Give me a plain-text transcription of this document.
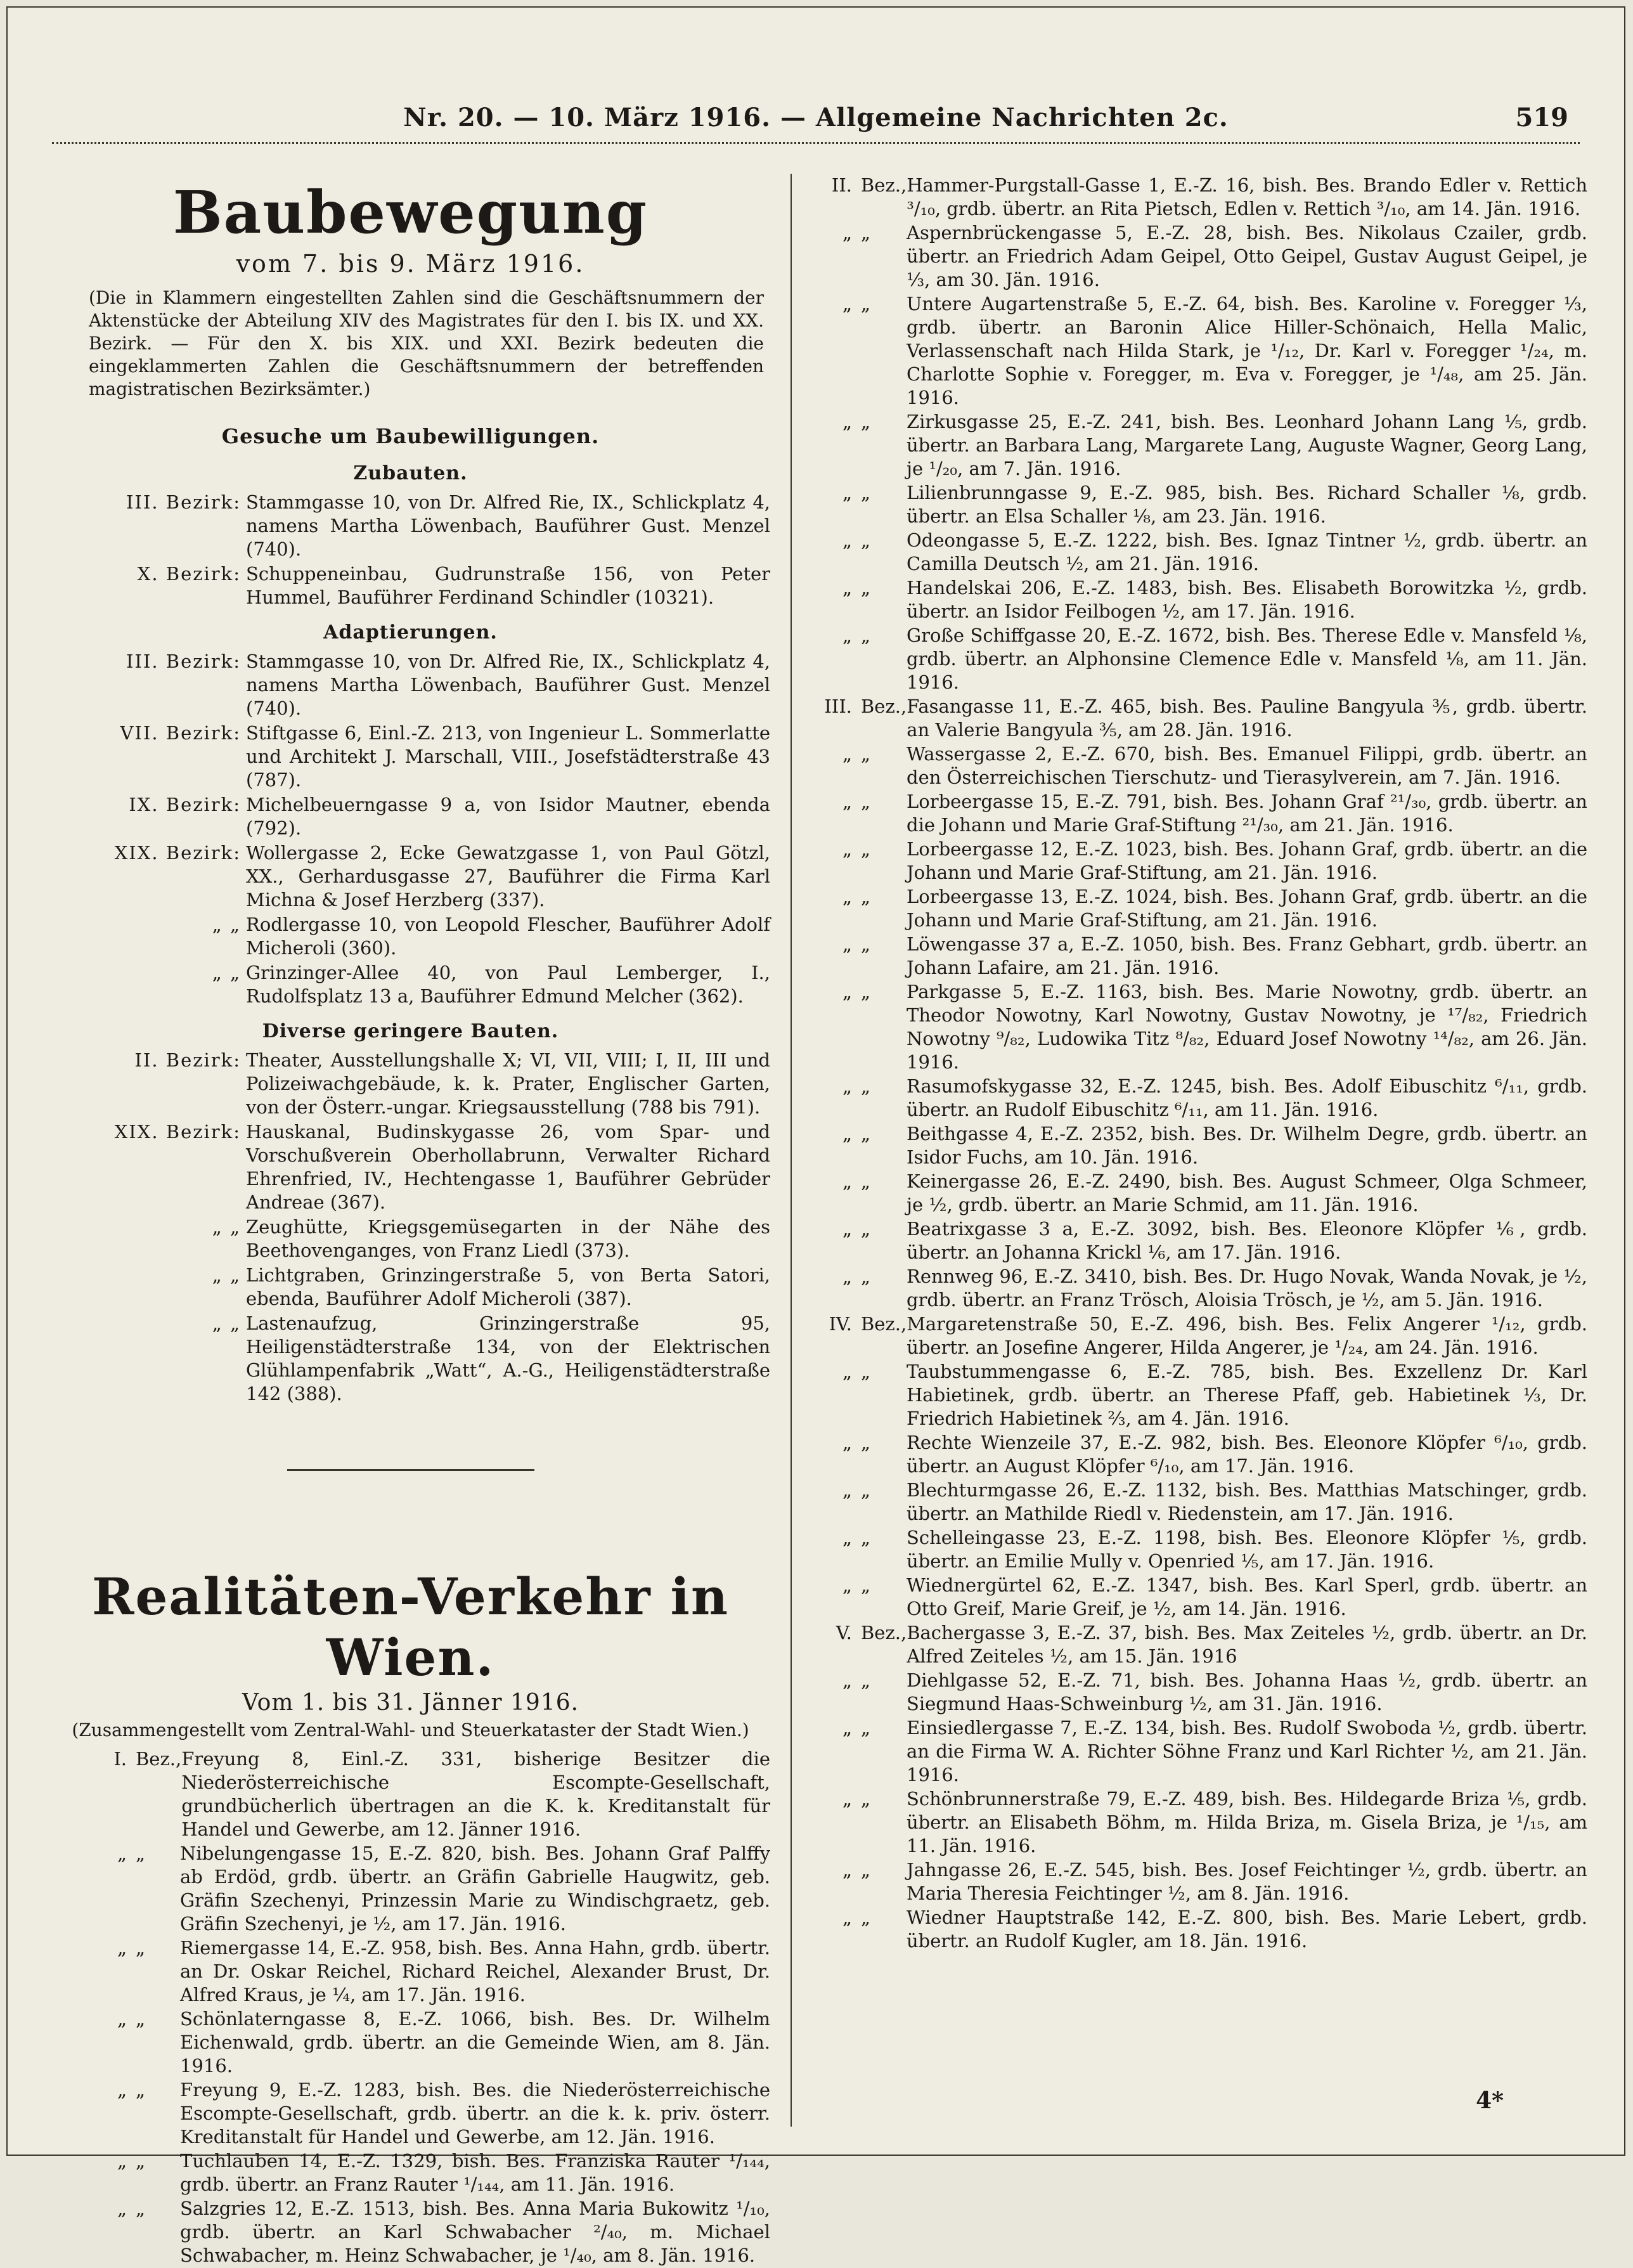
Nr. 20. — 10. März 1916. — Allgemeine Nachrichten 2c.	519
Baubewegung
vom 7. bis 9. März 1916.
(Die in Klammern eingestellten Zahlen sind die Geschäftsnummern der Aktenstücke der Abteilung XIV des Magistrates für den I. bis IX. und XX. Bezirk. — Für den X. bis XIX. und XXI. Bezirk bedeuten die eingeklammerten Zahlen die Geschäftsnummern der betreffenden magistratischen Bezirksämter.)
Gesuche um Baubewilligungen.
Zubauten.
III. Bezirk: Stammgasse 10, von Dr. Alfred Rie, IX., Schlickplatz 4, namens Martha Löwenbach, Bauführer Gust. Menzel (740).
X. Bezirk: Schuppeneinbau, Gudrunstraße 156, von Peter Hummel, Bauführer Ferdinand Schindler (10321).
Adaptierungen.
III. Bezirk: Stammgasse 10, von Dr. Alfred Rie, IX., Schlickplatz 4, namens Martha Löwenbach, Bauführer Gust. Menzel (740).
VII. Bezirk: Stiftgasse 6, Einl.-Z. 213, von Ingenieur L. Sommerlatte und Architekt J. Marschall, VIII., Josefstädterstraße 43 (787).
IX. Bezirk: Michelbeuerngasse 9 a, von Isidor Mautner, ebenda (792).
XIX. Bezirk: Wollergasse 2, Ecke Gewatzgasse 1, von Paul Götzl, XX., Gerhardusgasse 27, Bauführer die Firma Karl Michna & Josef Herzberg (337).
„ „ Rodlergasse 10, von Leopold Flescher, Bauführer Adolf Micheroli (360).
„ „ Grinzinger-Allee 40, von Paul Lemberger, I., Rudolfsplatz 13 a, Bauführer Edmund Melcher (362).
Diverse geringere Bauten.
II. Bezirk: Theater, Ausstellungshalle X; VI, VII, VIII; I, II, III und Polizeiwachgebäude, k. k. Prater, Englischer Garten, von der Österr.-ungar. Kriegsausstellung (788 bis 791).
XIX. Bezirk: Hauskanal, Budinskygasse 26, vom Spar- und Vorschußverein Oberhollabrunn, Verwalter Richard Ehrenfried, IV., Hechtengasse 1, Bauführer Gebrüder Andreae (367).
„ „ Zeughütte, Kriegsgemüsegarten in der Nähe des Beethovenganges, von Franz Liedl (373).
„ „ Lichtgraben, Grinzingerstraße 5, von Berta Satori, ebenda, Bauführer Adolf Micheroli (387).
„ „ Lastenaufzug, Grinzingerstraße 95, Heiligenstädterstraße 134, von der Elektrischen Glühlampenfabrik „Watt“, A.-G., Heiligenstädterstraße 142 (388).
Realitäten-Verkehr in Wien.
Vom 1. bis 31. Jänner 1916.
(Zusammengestellt vom Zentral-Wahl- und Steuerkataster der Stadt Wien.)
I. Bez., Freyung 8, Einl.-Z. 331, bisherige Besitzer die Niederösterreichische Escompte-Gesellschaft, grundbücherlich übertragen an die K. k. Kreditanstalt für Handel und Gewerbe, am 12. Jänner 1916.
„ „	Nibelungengasse 15, E.-Z. 820, bish. Bes. Johann Graf Palffy ab Erdöd, grdb. übertr. an Gräfin Gabrielle Haugwitz, geb. Gräfin Szechenyi, Prinzessin Marie zu Windischgraetz, geb. Gräfin Szechenyi, je ½, am 17. Jän. 1916.
„ „	Riemergasse 14, E.-Z. 958, bish. Bes. Anna Hahn, grdb. übertr. an Dr. Oskar Reichel, Richard Reichel, Alexander Brust, Dr. Alfred Kraus, je ¼, am 17. Jän. 1916.
„ „	Schönlaterngasse 8, E.-Z. 1066, bish. Bes. Dr. Wilhelm Eichenwald, grdb. übertr. an die Gemeinde Wien, am 8. Jän. 1916.
„ „	Freyung 9, E.-Z. 1283, bish. Bes. die Niederösterreichische Escompte-Gesellschaft, grdb. übertr. an die k. k. priv. österr. Kreditanstalt für Handel und Gewerbe, am 12. Jän. 1916.
„ „	Tuchlauben 14, E.-Z. 1329, bish. Bes. Franziska Rauter ¹/₁₄₄, grdb. übertr. an Franz Rauter ¹/₁₄₄, am 11. Jän. 1916.
„ „	Salzgries 12, E.-Z. 1513, bish. Bes. Anna Maria Bukowitz ¹/₁₀, grdb. übertr. an Karl Schwabacher ²/₄₀, m. Michael Schwabacher, m. Heinz Schwabacher, je ¹/₄₀, am 8. Jän. 1916.
II. Bez., Hammer-Purgstall-Gasse 1, E.-Z. 16, bish. Bes. Brando Edler v. Rettich ³/₁₀, grdb. übertr. an Rita Pietsch, Edlen v. Rettich ³/₁₀, am 14. Jän. 1916.
„ „	Aspernbrückengasse 5, E.-Z. 28, bish. Bes. Nikolaus Czailer, grdb. übertr. an Friedrich Adam Geipel, Otto Geipel, Gustav August Geipel, je ⅓, am 30. Jän. 1916.
„ „	Untere Augartenstraße 5, E.-Z. 64, bish. Bes. Karoline v. Foregger ⅓, grdb. übertr. an Baronin Alice Hiller-Schönaich, Hella Malic, Verlassenschaft nach Hilda Stark, je ¹/₁₂, Dr. Karl v. Foregger ¹/₂₄, m. Charlotte Sophie v. Foregger, m. Eva v. Foregger, je ¹/₄₈, am 25. Jän. 1916.
„ „	Zirkusgasse 25, E.-Z. 241, bish. Bes. Leonhard Johann Lang ⅕, grdb. übertr. an Barbara Lang, Margarete Lang, Auguste Wagner, Georg Lang, je ¹/₂₀, am 7. Jän. 1916.
„ „	Lilienbrunngasse 9, E.-Z. 985, bish. Bes. Richard Schaller ⅛, grdb. übertr. an Elsa Schaller ⅛, am 23. Jän. 1916.
„ „	Odeongasse 5, E.-Z. 1222, bish. Bes. Ignaz Tintner ½, grdb. übertr. an Camilla Deutsch ½, am 21. Jän. 1916.
„ „	Handelskai 206, E.-Z. 1483, bish. Bes. Elisabeth Borowitzka ½, grdb. übertr. an Isidor Feilbogen ½, am 17. Jän. 1916.
„ „	Große Schiffgasse 20, E.-Z. 1672, bish. Bes. Therese Edle v. Mansfeld ⅛, grdb. übertr. an Alphonsine Clemence Edle v. Mansfeld ⅛, am 11. Jän. 1916.
III. Bez., Fasangasse 11, E.-Z. 465, bish. Bes. Pauline Bangyula ⅗, grdb. übertr. an Valerie Bangyula ⅗, am 28. Jän. 1916.
„ „	Wassergasse 2, E.-Z. 670, bish. Bes. Emanuel Filippi, grdb. übertr. an den Österreichischen Tierschutz- und Tierasylverein, am 7. Jän. 1916.
„ „	Lorbeergasse 15, E.-Z. 791, bish. Bes. Johann Graf ²¹/₃₀, grdb. übertr. an die Johann und Marie Graf-Stiftung ²¹/₃₀, am 21. Jän. 1916.
„ „	Lorbeergasse 12, E.-Z. 1023, bish. Bes. Johann Graf, grdb. übertr. an die Johann und Marie Graf-Stiftung, am 21. Jän. 1916.
„ „	Lorbeergasse 13, E.-Z. 1024, bish. Bes. Johann Graf, grdb. übertr. an die Johann und Marie Graf-Stiftung, am 21. Jän. 1916.
„ „	Löwengasse 37 a, E.-Z. 1050, bish. Bes. Franz Gebhart, grdb. übertr. an Johann Lafaire, am 21. Jän. 1916.
„ „	Parkgasse 5, E.-Z. 1163, bish. Bes. Marie Nowotny, grdb. übertr. an Theodor Nowotny, Karl Nowotny, Gustav Nowotny, je ¹⁷/₈₂, Friedrich Nowotny ⁹/₈₂, Ludowika Titz ⁸/₈₂, Eduard Josef Nowotny ¹⁴/₈₂, am 26. Jän. 1916.
„ „	Rasumofskygasse 32, E.-Z. 1245, bish. Bes. Adolf Eibuschitz ⁶/₁₁, grdb. übertr. an Rudolf Eibuschitz ⁶/₁₁, am 11. Jän. 1916.
„ „	Beithgasse 4, E.-Z. 2352, bish. Bes. Dr. Wilhelm Degre, grdb. übertr. an Isidor Fuchs, am 10. Jän. 1916.
„ „	Keinergasse 26, E.-Z. 2490, bish. Bes. August Schmeer, Olga Schmeer, je ½, grdb. übertr. an Marie Schmid, am 11. Jän. 1916.
„ „	Beatrixgasse 3 a, E.-Z. 3092, bish. Bes. Eleonore Klöpfer ⅙, grdb. übertr. an Johanna Krickl ⅙, am 17. Jän. 1916.
„ „	Rennweg 96, E.-Z. 3410, bish. Bes. Dr. Hugo Novak, Wanda Novak, je ½, grdb. übertr. an Franz Trösch, Aloisia Trösch, je ½, am 5. Jän. 1916.
IV. Bez., Margaretenstraße 50, E.-Z. 496, bish. Bes. Felix Angerer ¹/₁₂, grdb. übertr. an Josefine Angerer, Hilda Angerer, je ¹/₂₄, am 24. Jän. 1916.
„ „	Taubstummengasse 6, E.-Z. 785, bish. Bes. Exzellenz Dr. Karl Habietinek, grdb. übertr. an Therese Pfaff, geb. Habietinek ⅓, Dr. Friedrich Habietinek ⅔, am 4. Jän. 1916.
„ „	Rechte Wienzeile 37, E.-Z. 982, bish. Bes. Eleonore Klöpfer ⁶/₁₀, grdb. übertr. an August Klöpfer ⁶/₁₀, am 17. Jän. 1916.
„ „	Blechturmgasse 26, E.-Z. 1132, bish. Bes. Matthias Matschinger, grdb. übertr. an Mathilde Riedl v. Riedenstein, am 17. Jän. 1916.
„ „	Schelleingasse 23, E.-Z. 1198, bish. Bes. Eleonore Klöpfer ⅕, grdb. übertr. an Emilie Mully v. Openried ⅕, am 17. Jän. 1916.
„ „	Wiednergürtel 62, E.-Z. 1347, bish. Bes. Karl Sperl, grdb. übertr. an Otto Greif, Marie Greif, je ½, am 14. Jän. 1916.
V. Bez., Bachergasse 3, E.-Z. 37, bish. Bes. Max Zeiteles ½, grdb. übertr. an Dr. Alfred Zeiteles ½, am 15. Jän. 1916
„ „	Diehlgasse 52, E.-Z. 71, bish. Bes. Johanna Haas ½, grdb. übertr. an Siegmund Haas-Schweinburg ½, am 31. Jän. 1916.
„ „	Einsiedlergasse 7, E.-Z. 134, bish. Bes. Rudolf Swoboda ½, grdb. übertr. an die Firma W. A. Richter Söhne Franz und Karl Richter ½, am 21. Jän. 1916.
„ „	Schönbrunnerstraße 79, E.-Z. 489, bish. Bes. Hildegarde Briza ⅕, grdb. übertr. an Elisabeth Böhm, m. Hilda Briza, m. Gisela Briza, je ¹/₁₅, am 11. Jän. 1916.
„ „	Jahngasse 26, E.-Z. 545, bish. Bes. Josef Feichtinger ½, grdb. übertr. an Maria Theresia Feichtinger ½, am 8. Jän. 1916.
„ „	Wiedner Hauptstraße 142, E.-Z. 800, bish. Bes. Marie Lebert, grdb. übertr. an Rudolf Kugler, am 18. Jän. 1916.
4*
